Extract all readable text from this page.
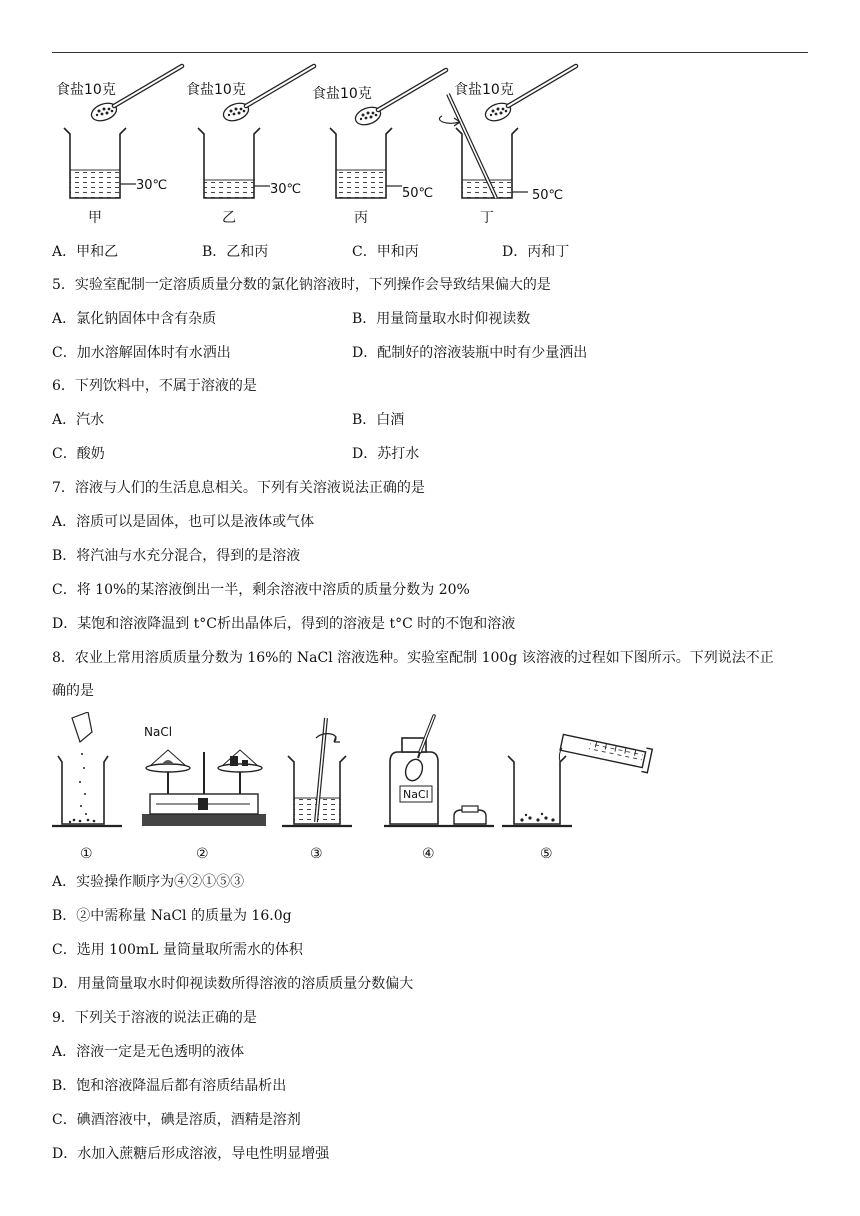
食盐10克
30℃
甲
食盐10克
30℃
乙
食盐10克
50℃
丙
食盐10克
50℃
丁
A．甲和乙	B．乙和丙	C．甲和丙	D．丙和丁
5．实验室配制一定溶质质量分数的氯化钠溶液时，下列操作会导致结果偏大的是
A．氯化钠固体中含有杂质	B．用量筒量取水时仰视读数
C．加水溶解固体时有水洒出	D．配制好的溶液装瓶中时有少量洒出
6．下列饮料中，不属于溶液的是
A．汽水	B．白酒
C．酸奶	D．苏打水
7．溶液与人们的生活息息相关。下列有关溶液说法正确的是
A．溶质可以是固体，也可以是液体或气体
B．将汽油与水充分混合，得到的是溶液
C．将 10%的某溶液倒出一半，剩余溶液中溶质的质量分数为 20%
D．某饱和溶液降温到 t°C析出晶体后，得到的溶液是 t°C 时的不饱和溶液
8．农业上常用溶质质量分数为 16%的 NaCl 溶液选种。实验室配制 100g 该溶液的过程如下图所示。下列说法不正
确的是
①
NaCl
②	③
NaCl
④	⑤
A．实验操作顺序为④②①⑤③
B．②中需称量 NaCl 的质量为 16.0g
C．选用 100mL 量筒量取所需水的体积
D．用量筒量取水时仰视读数所得溶液的溶质质量分数偏大
9．下列关于溶液的说法正确的是
A．溶液一定是无色透明的液体
B．饱和溶液降温后都有溶质结晶析出
C．碘酒溶液中，碘是溶质，酒精是溶剂
D．水加入蔗糖后形成溶液，导电性明显增强
